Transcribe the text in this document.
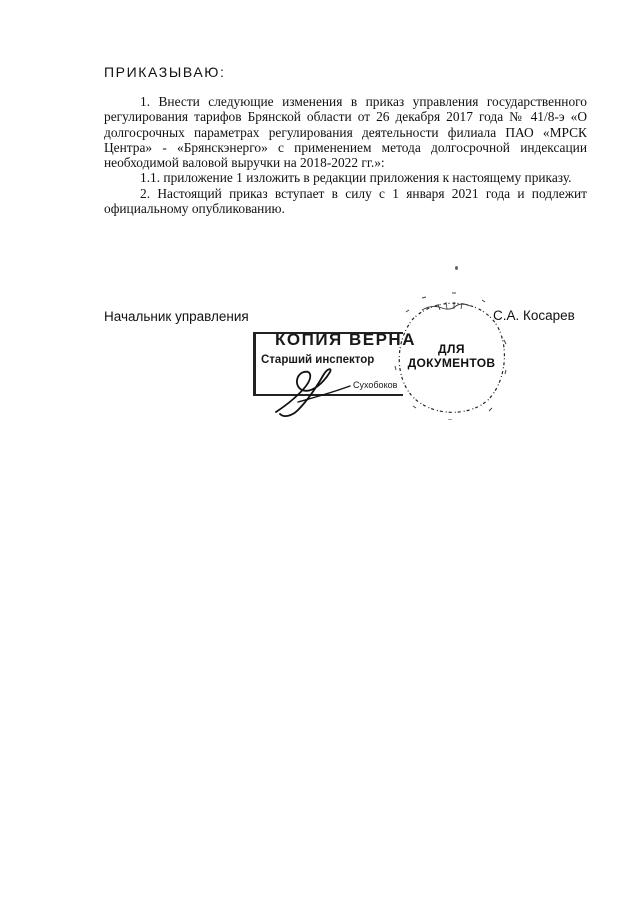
ПРИКАЗЫВАЮ:

1. Внести следующие изменения в приказ управления государственного регулирования тарифов Брянской области от 26 декабря 2017 года № 41/8-э «О долгосрочных параметрах регулирования деятельности филиала ПАО «МРСК Центра» - «Брянскэнерго» с применением метода долгосрочной индексации необходимой валовой выручки на 2018-2022 гг.»:

1.1. приложение 1 изложить в редакции приложения к настоящему приказу.

2. Настоящий приказ вступает в силу с 1 января 2021 года и подлежит официальному опубликованию.

ДЛЯ
ДОКУМЕНТОВ
КОПИЯ ВЕРНА
Старший инспектор
Сухобоков
Начальник управления	С.А. Косарев
